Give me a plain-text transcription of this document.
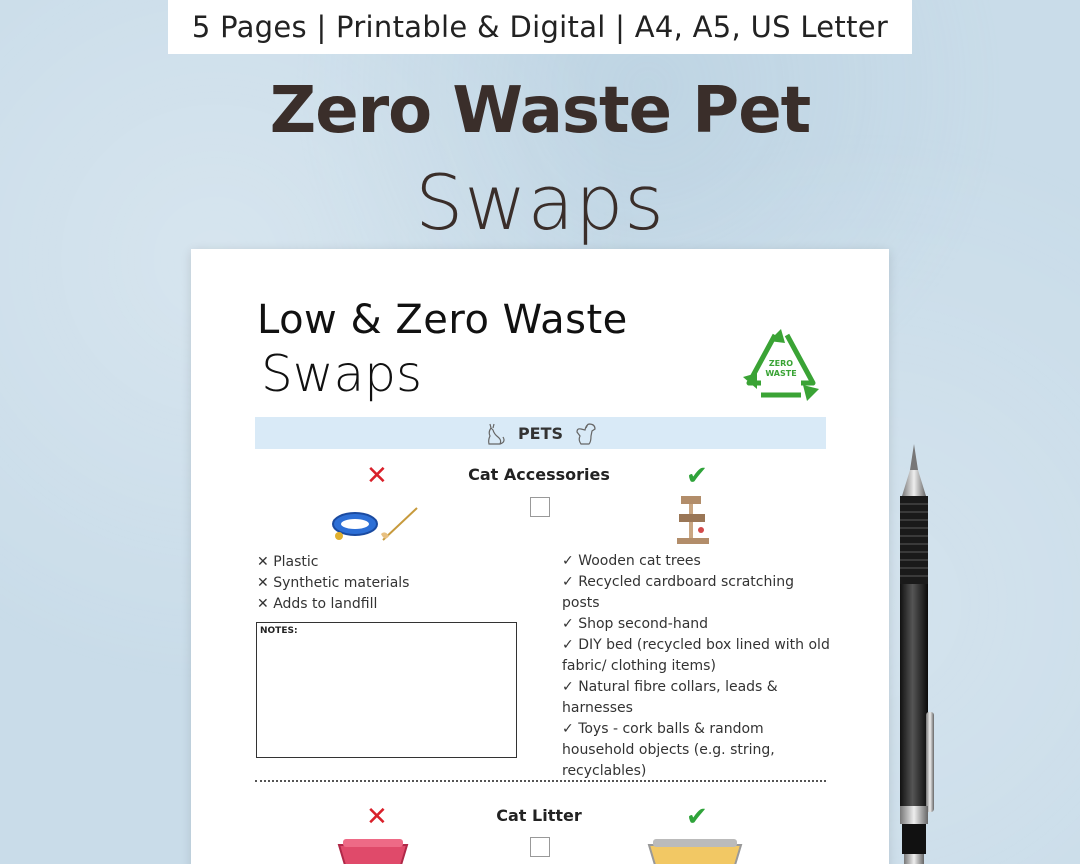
5 Pages | Printable & Digital | A4, A5, US Letter
Zero Waste Pet
Swaps
Low & Zero Waste
Swaps	ZERO
WASTE
PETS
Cat Accessories
✕	✔
✕ Plastic
✕ Synthetic materials
✕ Adds to landfill
✓ Wooden cat trees
✓ Recycled cardboard scratching posts
✓ Shop second-hand
✓ DIY bed (recycled box lined with old fabric/ clothing items)
✓ Natural fibre collars, leads & harnesses
✓ Toys - cork balls & random household objects (e.g. string, recyclables)
NOTES:
Cat Litter
✕	✔
